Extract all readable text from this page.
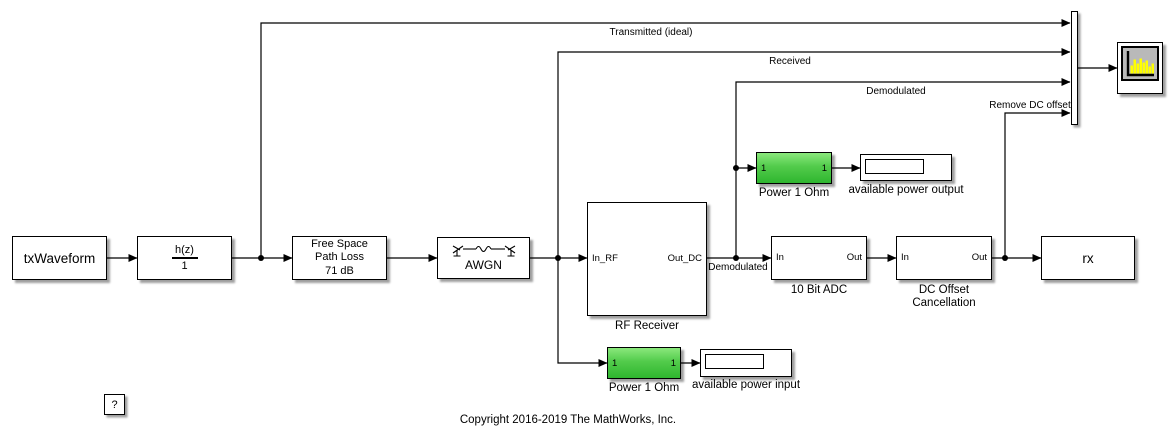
txWaveform	$\frac{h(z)}{1}$	Free Space
Path Loss
71 dB	AWGN	In_RF	Out_DC
RF Receiver
1	1
Power 1 Ohm available power output
In	Out
10 Bit ADC
In	Out
DC Offset
Cancellation
rx
1	1
Power 1 Ohm available power input
?
Transmitted (ideal)
Received
Demodulated
Remove DC offset
Demodulated
Copyright 2016-2019 The MathWorks, Inc.
